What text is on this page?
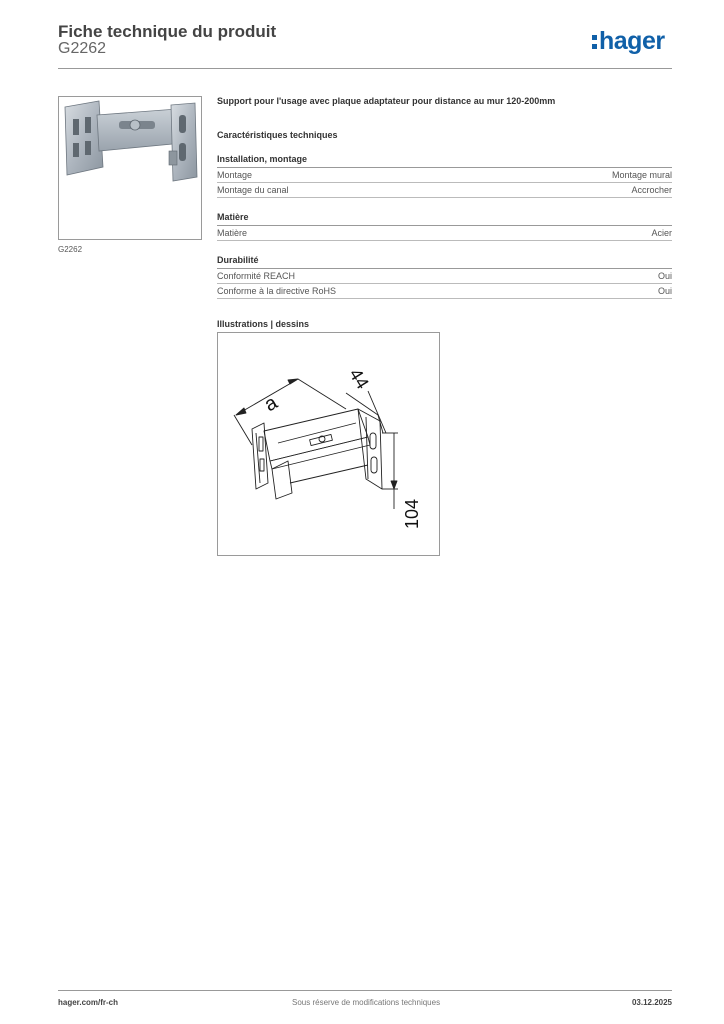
Fiche technique du produit
G2262	hager
G2262
Support pour l'usage avec plaque adaptateur pour distance au mur 120-200mm
Caractéristiques techniques
Installation, montage
Montage	Montage mural
Montage du canal	Accrocher
Matière
Matière	Acier
Durabilité
Conformité REACH	Oui
Conforme à la directive RoHS	Oui
Illustrations | dessins
a
44
104
hager.com/fr-ch	Sous réserve de modifications techniques	03.12.2025
